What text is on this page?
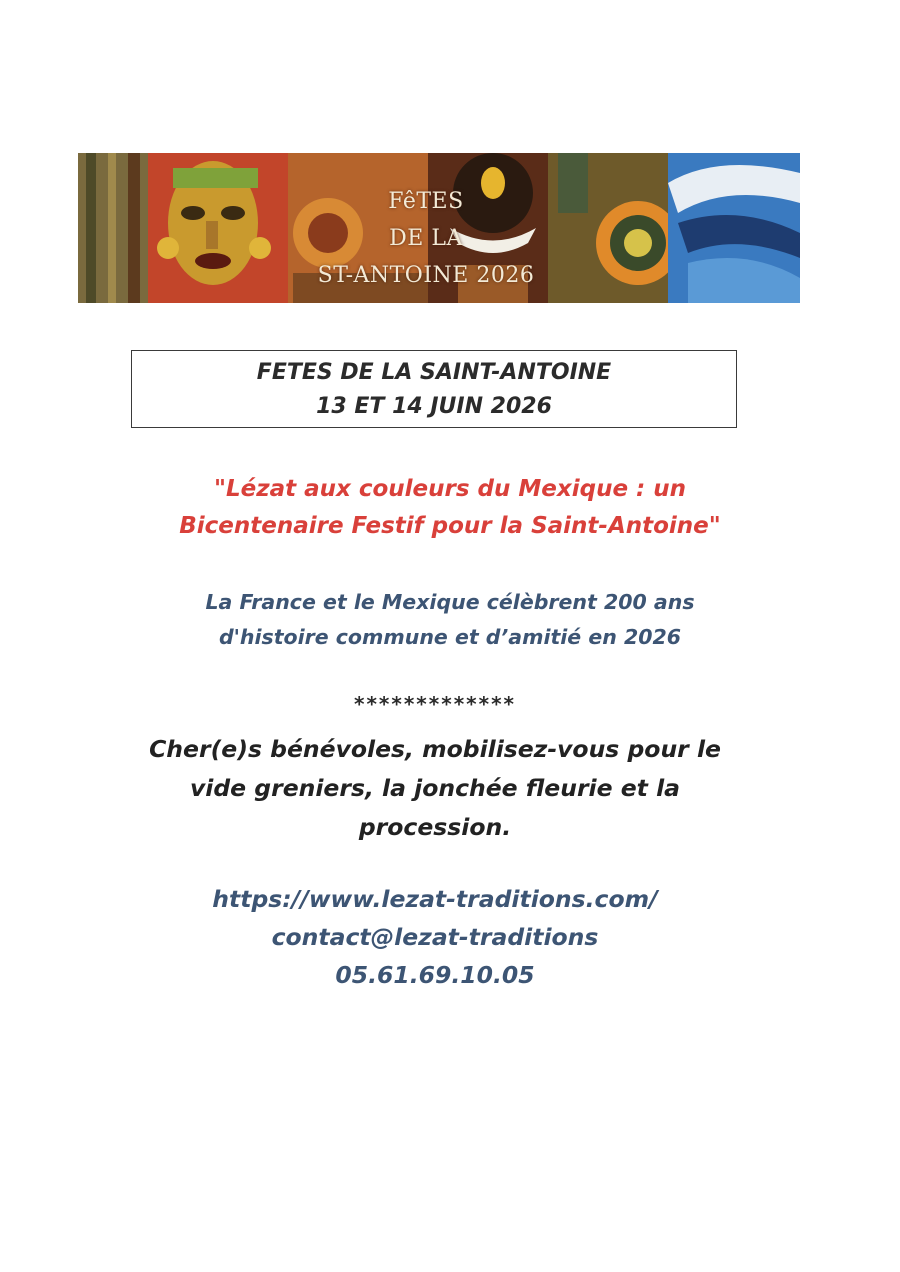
FêTES
DE LA
ST-ANTOINE 2026
FETES DE LA SAINT-ANTOINE
13 ET 14 JUIN 2026
"Lézat aux couleurs du Mexique : un
Bicentenaire Festif pour la Saint-Antoine"
La France et le Mexique célèbrent 200 ans
d'histoire commune et d’amitié en 2026
*************
Cher(e)s bénévoles, mobilisez-vous pour le
vide greniers, la jonchée fleurie et la
procession.
https://www.lezat-traditions.com/
contact@lezat-traditions
05.61.69.10.05
